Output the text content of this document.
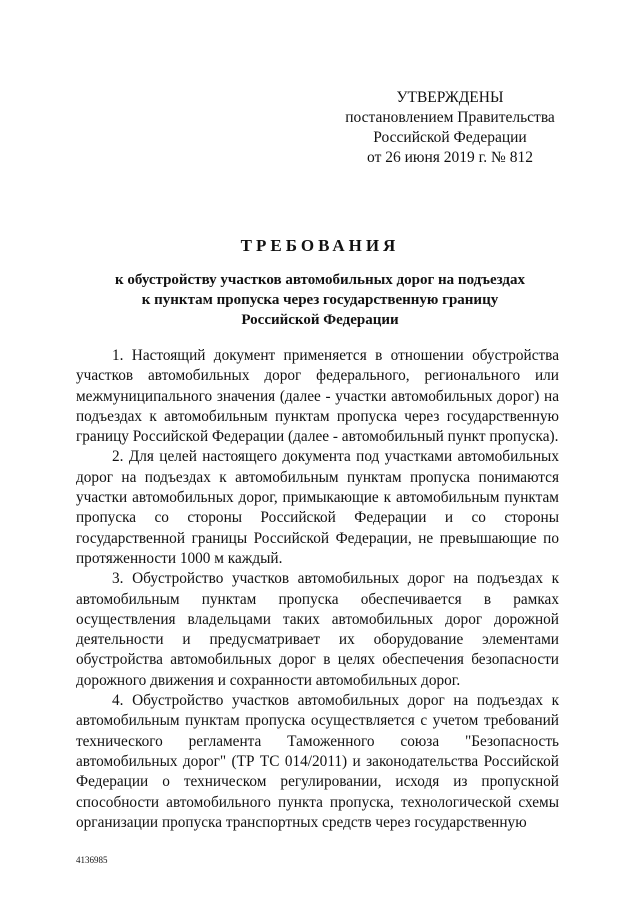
УТВЕРЖДЕНЫ
постановлением Правительства
Российской Федерации
от 26 июня 2019 г. № 812
ТРЕБОВАНИЯ
к обустройству участков автомобильных дорог на подъездах
к пунктам пропуска через государственную границу
Российской Федерации

1. Настоящий документ применяется в отношении обустройства участков автомобильных дорог федерального, регионального или межмуниципального значения (далее - участки автомобильных дорог) на подъездах к автомобильным пунктам пропуска через государственную границу Российской Федерации (далее - автомобильный пункт пропуска).

2. Для целей настоящего документа под участками автомобильных дорог на подъездах к автомобильным пунктам пропуска понимаются участки автомобильных дорог, примыкающие к автомобильным пунктам пропуска со стороны Российской Федерации и со стороны государственной границы Российской Федерации, не превышающие по протяженности 1000 м каждый.

3. Обустройство участков автомобильных дорог на подъездах к автомобильным пунктам пропуска обеспечивается в рамках осуществления владельцами таких автомобильных дорог дорожной деятельности и предусматривает их оборудование элементами обустройства автомобильных дорог в целях обеспечения безопасности дорожного движения и сохранности автомобильных дорог.

4. Обустройство участков автомобильных дорог на подъездах к автомобильным пунктам пропуска осуществляется с учетом требований технического регламента Таможенного союза "Безопасность автомобильных дорог" (ТР ТС 014/2011) и законодательства Российской Федерации о техническом регулировании, исходя из пропускной способности автомобильного пункта пропуска, технологической схемы организации пропуска транспортных средств через государственную

4136985
